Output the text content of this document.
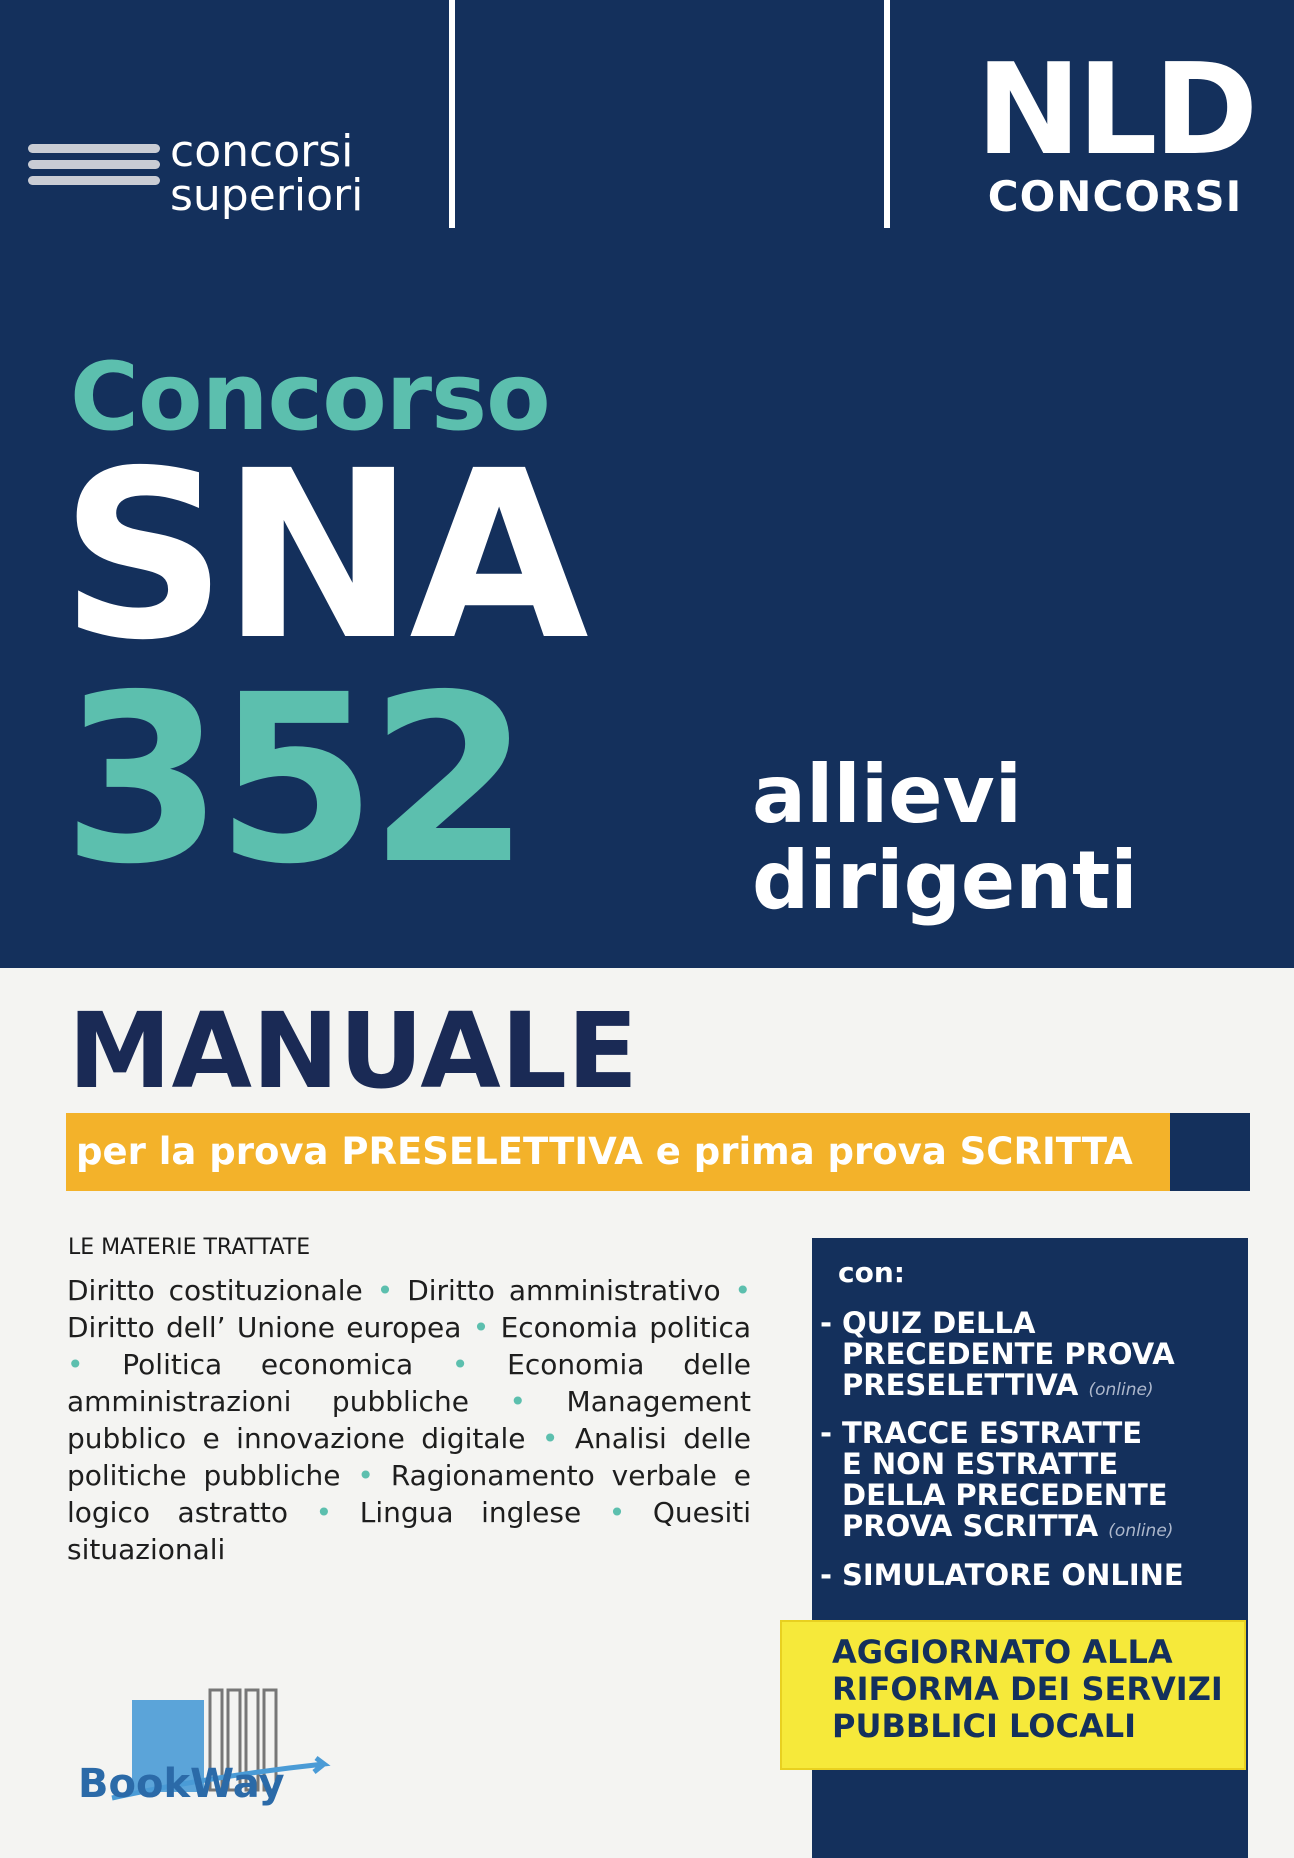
concorsi
superiori
NLD
CONCORSI
Concorso
SNA
352	allievi
dirigenti
MANUALE
per la prova PRESELETTIVA e prima prova SCRITTA
LE MATERIE TRATTATE
Diritto costituzionale • Diritto amministrativo • Diritto dell’ Unione europea • Economia politica • Politica economica • Economia delle amministrazioni pubbliche • Management pubblico e innovazione digitale • Analisi delle politiche pubbliche • Ragionamento verbale e logico astratto • Lingua inglese • Quesiti situazionali
con:
- QUIZ DELLA
PRECEDENTE PROVA
PRESELETTIVA (online)
- TRACCE ESTRATTE
E NON ESTRATTE
DELLA PRECEDENTE
PROVA SCRITTA (online)
- SIMULATORE ONLINE
AGGIORNATO ALLA
RIFORMA DEI SERVIZI
PUBBLICI LOCALI
BookWay
